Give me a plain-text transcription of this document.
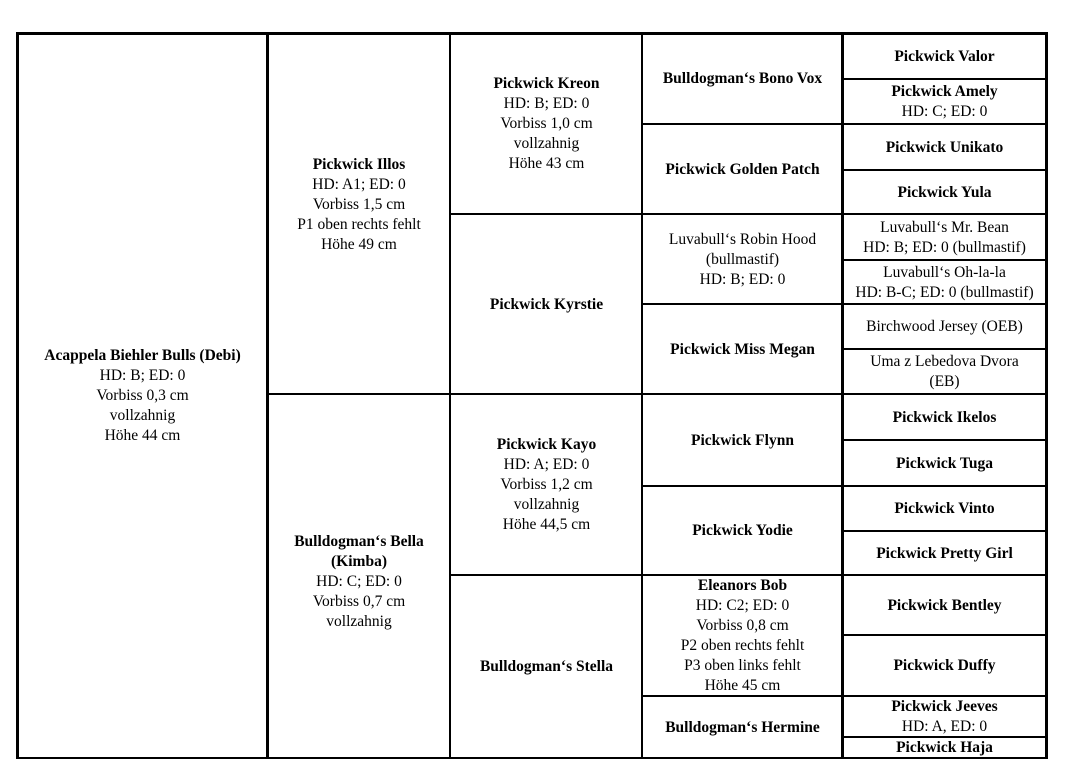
Acappela Biehler Bulls (Debi)
HD: B; ED: 0
Vorbiss 0,3 cm
vollzahnig
Höhe 44 cm
Pickwick Illos
HD: A1; ED: 0
Vorbiss 1,5 cm
P1 oben rechts fehlt
Höhe 49 cm
Bulldogman‘s Bella (Kimba)
HD: C; ED: 0
Vorbiss 0,7 cm
vollzahnig
Pickwick Kreon
HD: B; ED: 0
Vorbiss 1,0 cm
vollzahnig
Höhe 43 cm
Pickwick Kyrstie
Pickwick Kayo
HD: A; ED: 0
Vorbiss 1,2 cm
vollzahnig
Höhe 44,5 cm
Bulldogman‘s Stella
Bulldogman‘s Bono Vox
Pickwick Golden Patch
Luvabull‘s Robin Hood (bullmastif)
HD: B; ED: 0
Pickwick Miss Megan
Pickwick Flynn
Pickwick Yodie
Eleanors Bob
HD: C2; ED: 0
Vorbiss 0,8 cm
P2 oben rechts fehlt
P3 oben links fehlt
Höhe 45 cm
Bulldogman‘s Hermine
Pickwick Valor
Pickwick Amely
HD: C; ED: 0
Pickwick Unikato
Pickwick Yula
Luvabull‘s Mr. Bean
HD: B; ED: 0 (bullmastif)
Luvabull‘s Oh-la-la
HD: B-C; ED: 0 (bullmastif)
Birchwood Jersey (OEB)
Uma z Lebedova Dvora (EB)
Pickwick Ikelos
Pickwick Tuga
Pickwick Vinto
Pickwick Pretty Girl
Pickwick Bentley
Pickwick Duffy
Pickwick Jeeves
HD: A, ED: 0
Pickwick Haja
